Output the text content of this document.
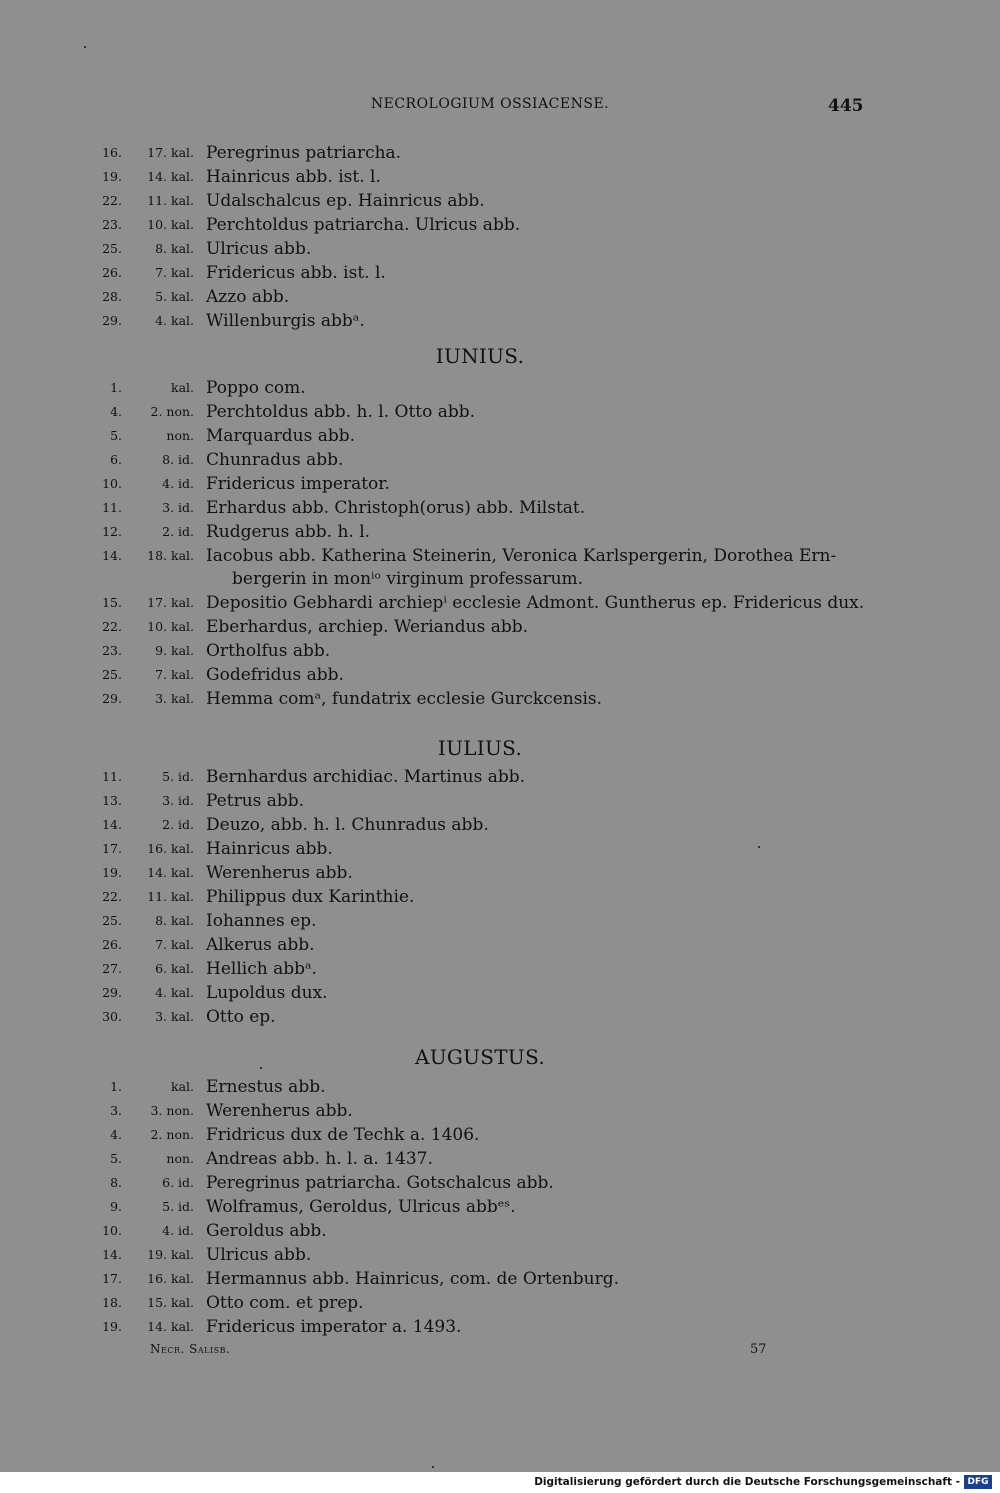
NECROLOGIUM OSSIACENSE.	445
16.	17. kal. Peregrinus patriarcha.
19.	14. kal. Hainricus abb. ist. l.
22.	11. kal. Udalschalcus ep. Hainricus abb.
23.	10. kal. Perchtoldus patriarcha. Ulricus abb.
25.	8. kal. Ulricus abb.
26.	7. kal. Fridericus abb. ist. l.
28.	5. kal. Azzo abb.
29.	4. kal. Willenburgis abbᵃ.
IUNIUS.
1.	kal. Poppo com.
4.	2. non. Perchtoldus abb. h. l. Otto abb.
5.	non. Marquardus abb.
6.	8. id. Chunradus abb.
10.	4. id. Fridericus imperator.
11.	3. id. Erhardus abb. Christoph(orus) abb. Milstat.
12.	2. id. Rudgerus abb. h. l.
14.	18. kal. Iacobus abb. Katherina Steinerin, Veronica Karlspergerin, Dorothea Ern-
bergerin in monⁱᵒ virginum professarum.
15.	17. kal. Depositio Gebhardi archiepⁱ ecclesie Admont. Guntherus ep. Fridericus dux.
22.	10. kal. Eberhardus, archiep. Weriandus abb.
23.	9. kal. Ortholfus abb.
25.	7. kal. Godefridus abb.
29.	3. kal. Hemma comᵃ, fundatrix ecclesie Gurckcensis.
IULIUS.
11.	5. id. Bernhardus archidiac. Martinus abb.
13.	3. id. Petrus abb.
14.	2. id. Deuzo, abb. h. l. Chunradus abb.
17.	16. kal. Hainricus abb.
19.	14. kal. Werenherus abb.
22.	11. kal. Philippus dux Karinthie.
25.	8. kal. Iohannes ep.
26.	7. kal. Alkerus abb.
27.	6. kal. Hellich abbᵃ.
29.	4. kal. Lupoldus dux.
30.	3. kal. Otto ep.
AUGUSTUS.
1.	kal. Ernestus abb.
3.	3. non. Werenherus abb.
4.	2. non. Fridricus dux de Techk a. 1406.
5.	non. Andreas abb. h. l. a. 1437.
8.	6. id. Peregrinus patriarcha. Gotschalcus abb.
9.	5. id. Wolframus, Geroldus, Ulricus abbᵉˢ.
10.	4. id. Geroldus abb.
14.	19. kal. Ulricus abb.
17.	16. kal. Hermannus abb. Hainricus, com. de Ortenburg.
18.	15. kal. Otto com. et prep.
19.	14. kal. Fridericus imperator a. 1493.
Necr. Salisb.	57
Digitalisierung gefördert durch die Deutsche Forschungsgemeinschaft - DFG
